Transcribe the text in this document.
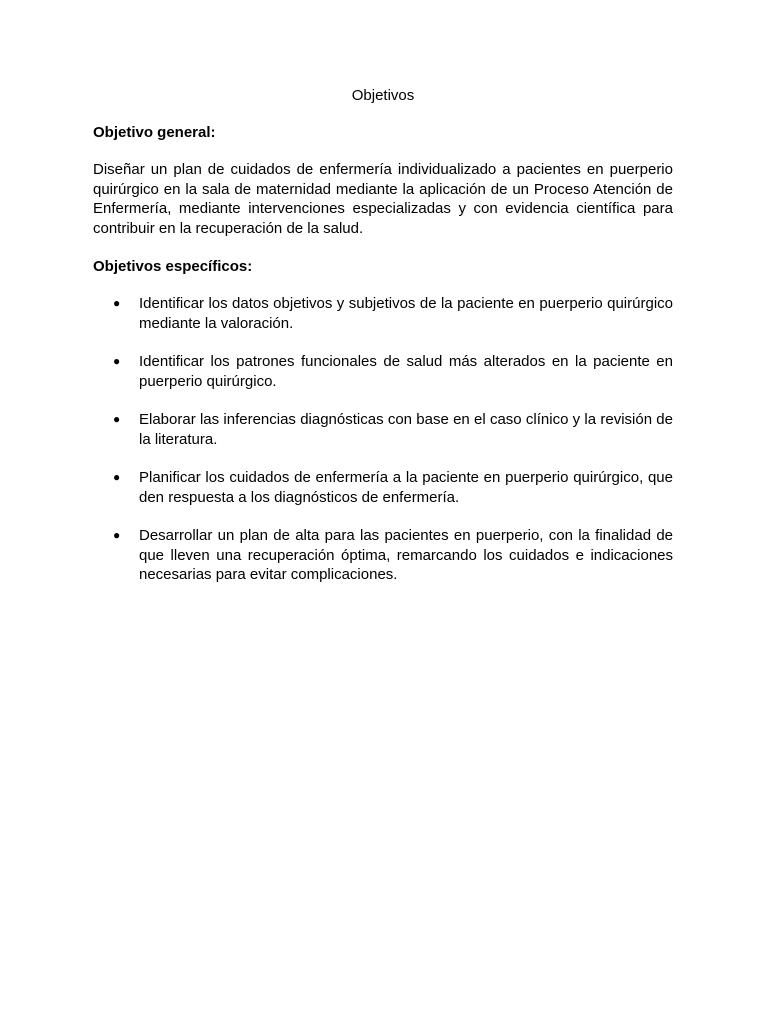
Objetivos
Objetivo general:

Diseñar un plan de cuidados de enfermería individualizado a pacientes en puerperio quirúrgico en la sala de maternidad mediante la aplicación de un Proceso Atención de Enfermería, mediante intervenciones especializadas y con evidencia científica para contribuir en la recuperación de la salud.

Objetivos específicos:
● Identificar los datos objetivos y subjetivos de la paciente en puerperio quirúrgico mediante la valoración.
● Identificar los patrones funcionales de salud más alterados en la paciente en puerperio quirúrgico.
● Elaborar las inferencias diagnósticas con base en el caso clínico y la revisión de la literatura.
● Planificar los cuidados de enfermería a la paciente en puerperio quirúrgico, que den respuesta a los diagnósticos de enfermería.
● Desarrollar un plan de alta para las pacientes en puerperio, con la finalidad de que lleven una recuperación óptima, remarcando los cuidados e indicaciones necesarias para evitar complicaciones.
